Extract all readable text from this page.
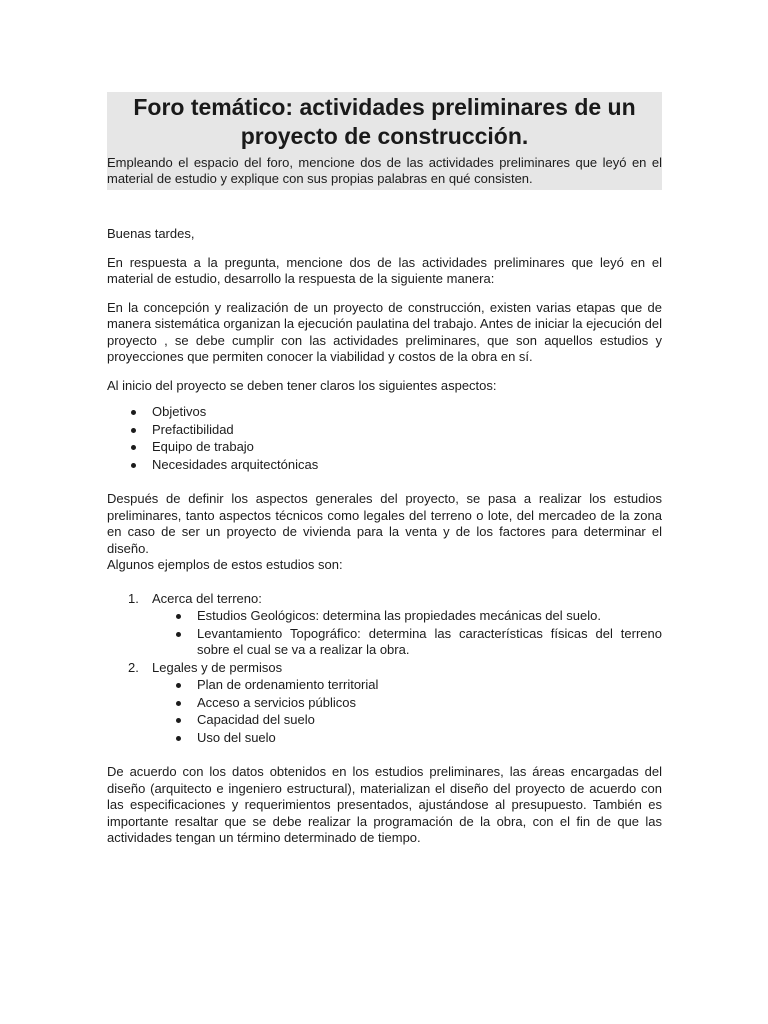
Foro temático: actividades preliminares de un proyecto de construcción.

Empleando el espacio del foro, mencione dos de las actividades preliminares que leyó en el material de estudio y explique con sus propias palabras en qué consisten.

Buenas tardes,

En respuesta a la pregunta, mencione dos de las actividades preliminares que leyó en el material de estudio, desarrollo la respuesta de la siguiente manera:

En la concepción y realización de un proyecto de construcción, existen varias etapas que de manera sistemática organizan la ejecución paulatina del trabajo. Antes de iniciar la ejecución del proyecto , se debe cumplir con las actividades preliminares, que son aquellos estudios y proyecciones que permiten conocer la viabilidad y costos de la obra en sí.

Al inicio del proyecto se deben tener claros los siguientes aspectos:

Objetivos
Prefactibilidad
Equipo de trabajo
Necesidades arquitectónicas

Después de definir los aspectos generales del proyecto, se pasa a realizar los estudios preliminares, tanto aspectos técnicos como legales del terreno o lote, del mercadeo de la zona en caso de ser un proyecto de vivienda para la venta y de los factores para determinar el diseño.

Algunos ejemplos de estos estudios son:

1. Acerca del terreno:
Estudios Geológicos: determina las propiedades mecánicas del suelo.
Levantamiento Topográfico: determina las características físicas del terreno sobre el cual se va a realizar la obra.
2. Legales y de permisos
Plan de ordenamiento territorial
Acceso a servicios públicos
Capacidad del suelo
Uso del suelo

De acuerdo con los datos obtenidos en los estudios preliminares, las áreas encargadas del diseño (arquitecto e ingeniero estructural), materializan el diseño del proyecto de acuerdo con las especificaciones y requerimientos presentados, ajustándose al presupuesto. También es importante resaltar que se debe realizar la programación de la obra, con el fin de que las actividades tengan un término determinado de tiempo.
